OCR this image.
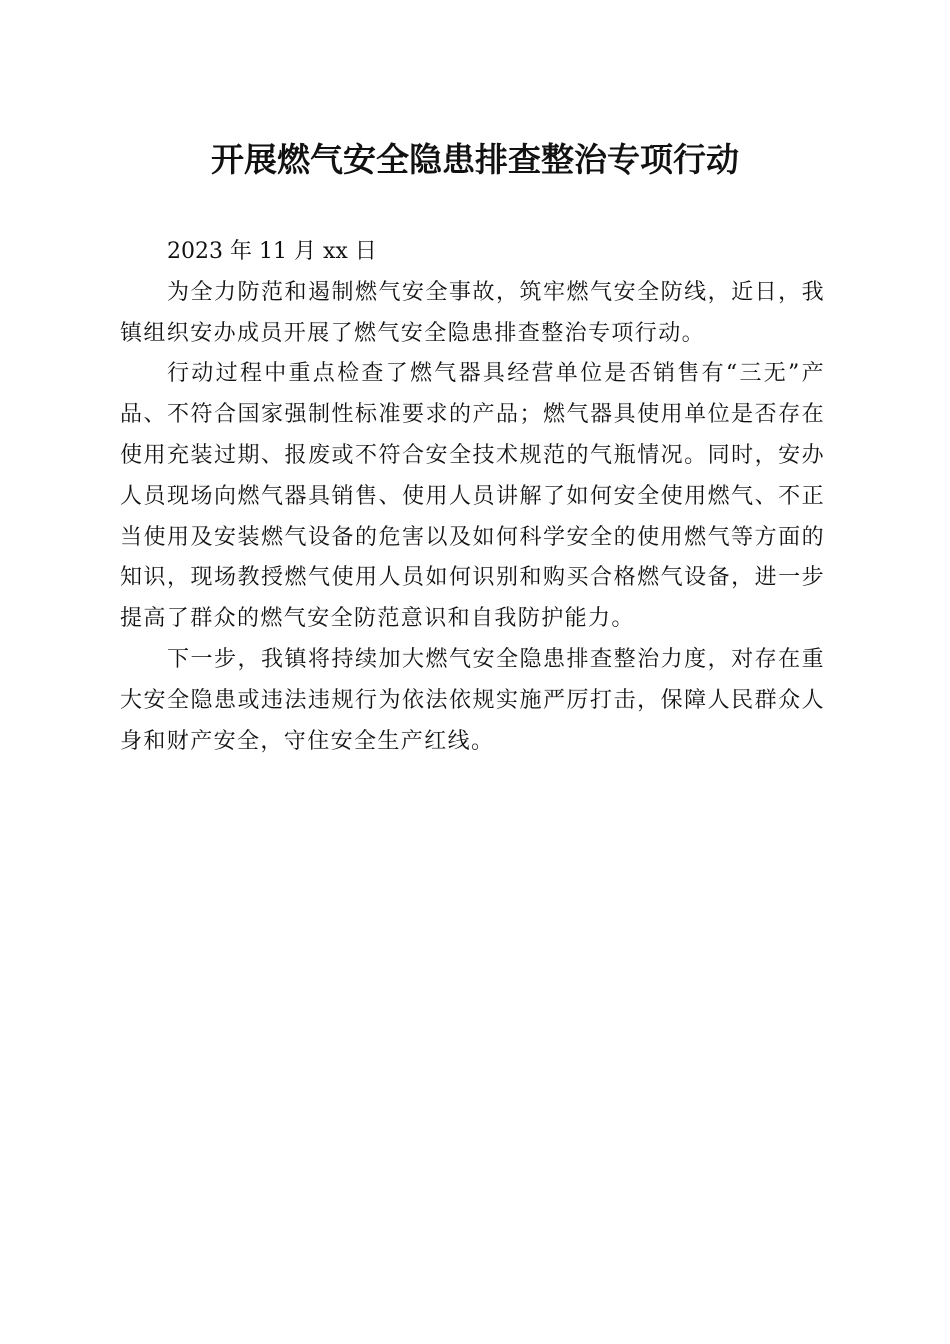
开展燃气安全隐患排查整治专项行动

2023 年 11 月 xx 日

为全力防范和遏制燃气安全事故，筑牢燃气安全防线，近日，我镇组织安办成员开展了燃气安全隐患排查整治专项行动。

行动过程中重点检查了燃气器具经营单位是否销售有“三无”产品、不符合国家强制性标准要求的产品；燃气器具使用单位是否存在使用充装过期、报废或不符合安全技术规范的气瓶情况。同时，安办人员现场向燃气器具销售、使用人员讲解了如何安全使用燃气、不正当使用及安装燃气设备的危害以及如何科学安全的使用燃气等方面的知识，现场教授燃气使用人员如何识别和购买合格燃气设备，进一步提高了群众的燃气安全防范意识和自我防护能力。

下一步，我镇将持续加大燃气安全隐患排查整治力度，对存在重大安全隐患或违法违规行为依法依规实施严厉打击，保障人民群众人身和财产安全，守住安全生产红线。
